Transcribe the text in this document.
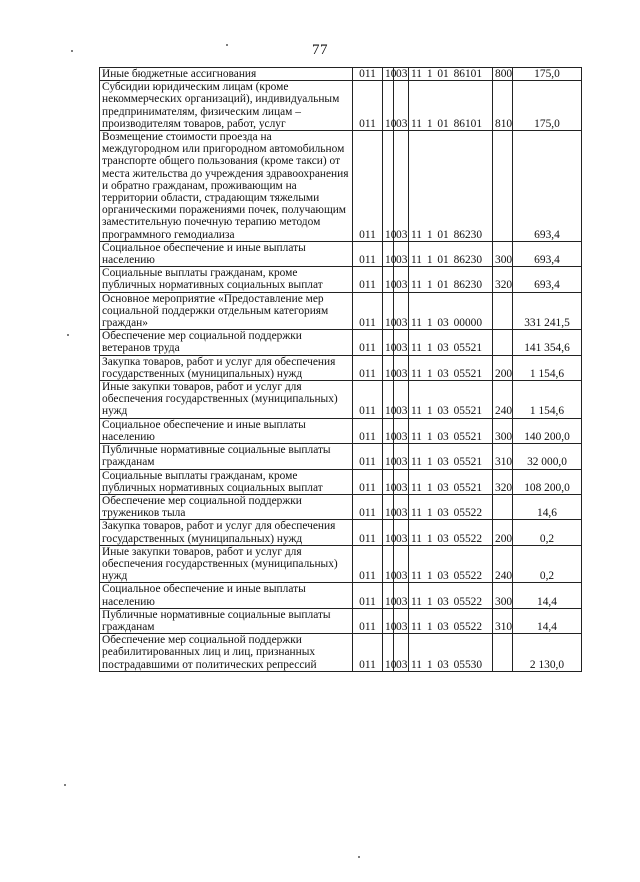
77
Иные бюджетные ассигнования	011	10	03	11 1 01 86101	800	175,0
Субсидии юридическим лицам (кроме некоммерческих организаций), индивидуальным предпринимателям, физическим лицам – производителям товаров, работ, услуг	011	10	03	11 1 01 86101	810	175,0
Возмещение стоимости проезда на междугородном или пригородном автомобильном транспорте общего пользования (кроме такси) от места жительства до учреждения здравоохранения и обратно гражданам, проживающим на территории области, страдающим тяжелыми органическими поражениями почек, получающим заместительную почечную терапию методом программного гемодиализа	011	10	03	11 1 01 86230		693,4
Социальное обеспечение и иные выплаты населению	011	10	03	11 1 01 86230	300	693,4
Социальные выплаты гражданам, кроме публичных нормативных социальных выплат	011	10	03	11 1 01 86230	320	693,4
Основное мероприятие «Предоставление мер социальной поддержки отдельным категориям граждан»	011	10	03	11 1 03 00000		331 241,5
Обеспечение мер социальной поддержки ветеранов труда	011	10	03	11 1 03 05521		141 354,6
Закупка товаров, работ и услуг для обеспечения государственных (муниципальных) нужд	011	10	03	11 1 03 05521	200	1 154,6
Иные закупки товаров, работ и услуг для обеспечения государственных (муниципальных) нужд	011	10	03	11 1 03 05521	240	1 154,6
Социальное обеспечение и иные выплаты населению	011	10	03	11 1 03 05521	300	140 200,0
Публичные нормативные социальные выплаты гражданам	011	10	03	11 1 03 05521	310	32 000,0
Социальные выплаты гражданам, кроме публичных нормативных социальных выплат	011	10	03	11 1 03 05521	320	108 200,0
Обеспечение мер социальной поддержки тружеников тыла	011	10	03	11 1 03 05522		14,6
Закупка товаров, работ и услуг для обеспечения государственных (муниципальных) нужд	011	10	03	11 1 03 05522	200	0,2
Иные закупки товаров, работ и услуг для обеспечения государственных (муниципальных) нужд	011	10	03	11 1 03 05522	240	0,2
Социальное обеспечение и иные выплаты населению	011	10	03	11 1 03 05522	300	14,4
Публичные нормативные социальные выплаты гражданам	011	10	03	11 1 03 05522	310	14,4
Обеспечение мер социальной поддержки реабилитированных лиц и лиц, признанных пострадавшими от политических репрессий	011	10	03	11 1 03 05530		2 130,0
